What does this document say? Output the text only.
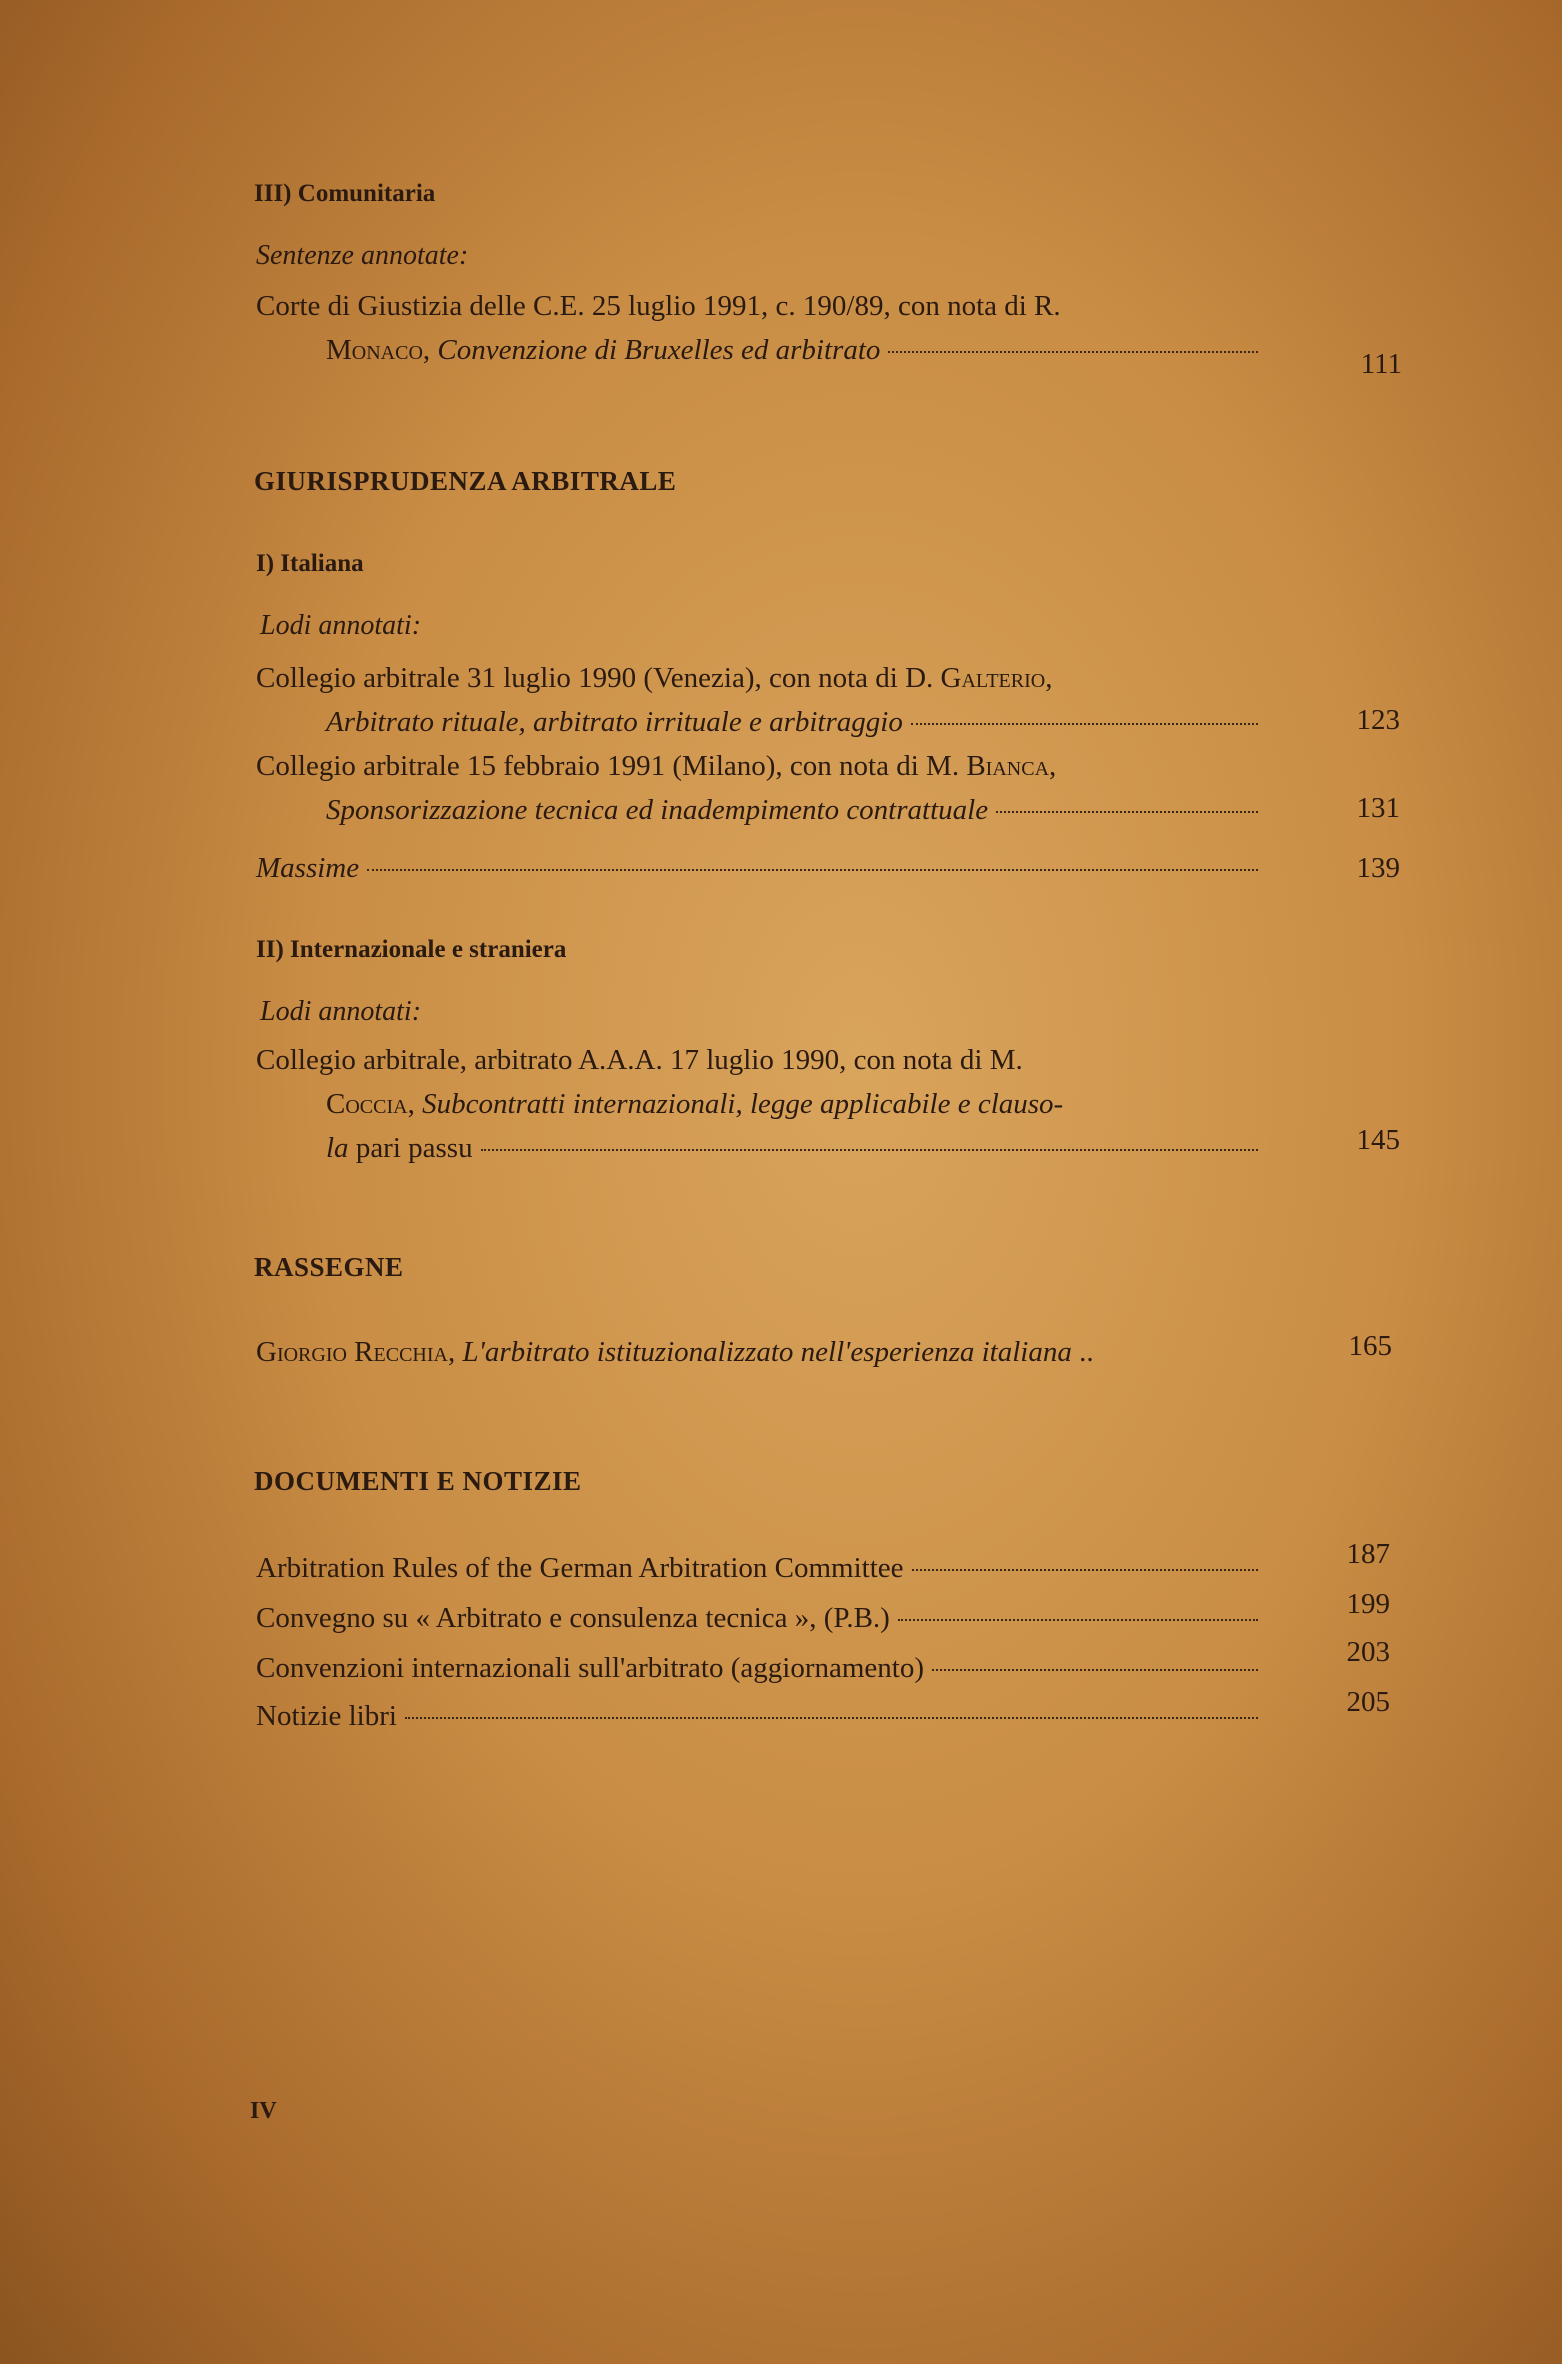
III) Comunitaria
Sentenze annotate:
Corte di Giustizia delle C.E. 25 luglio 1991, c. 190/89, con nota di R.
Monaco,
Convenzione di Bruxelles ed arbitrato	111
GIURISPRUDENZA ARBITRALE
I) Italiana
Lodi annotati:
Collegio arbitrale 31 luglio 1990 (Venezia), con nota di D.
Galterio,
Arbitrato rituale, arbitrato irrituale e arbitraggio	123
Collegio arbitrale 15 febbraio 1991 (Milano), con nota di M.
Bianca,
Sponsorizzazione tecnica ed inadempimento contrattuale	131
Massime	139
II) Internazionale e straniera
Lodi annotati:
Collegio arbitrale, arbitrato A.A.A. 17 luglio 1990, con nota di M.
Coccia,
Subcontratti internazionali, legge applicabile e clauso-
la
pari passu	145
RASSEGNE
Giorgio Recchia,
L'arbitrato istituzionalizzato nell'esperienza italiana
..	165
DOCUMENTI E NOTIZIE
Arbitration Rules of the German Arbitration Committee	187
Convegno su « Arbitrato e consulenza tecnica », (P.B.)	199
Convenzioni internazionali sull'arbitrato (aggiornamento)	203
Notizie libri	205
IV
